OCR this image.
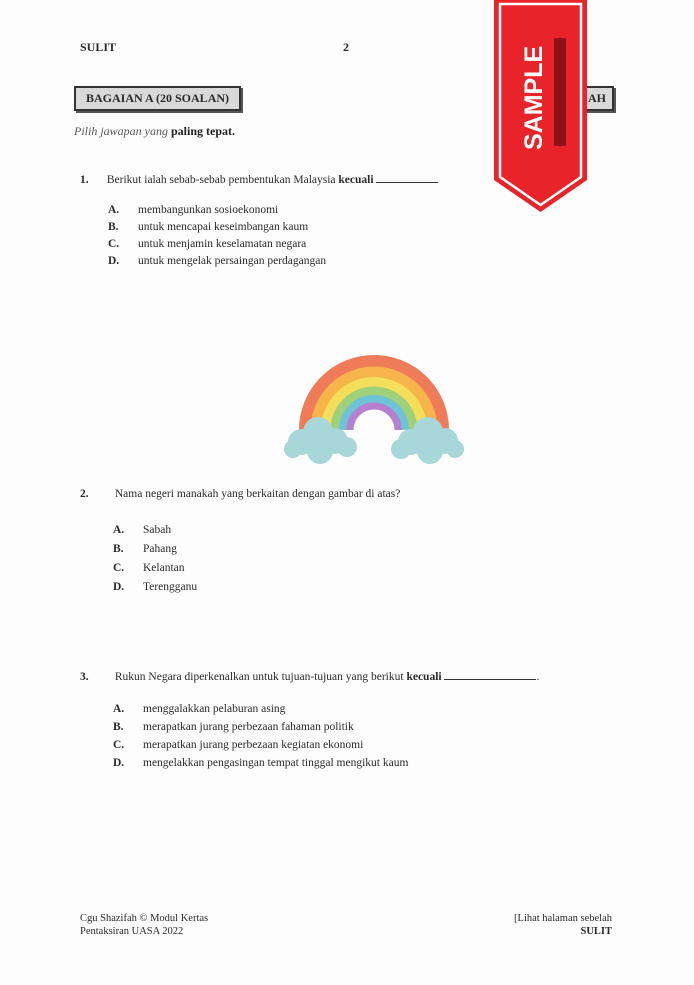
SULIT	2
BAGAIAN A (20 SOALAN)	AH
Pilih jawapan yang paling tepat.
1. Berikut ialah sebab-sebab pembentukan Malaysia kecuali
A. membangunkan sosioekonomi
B. untuk mencapai keseimbangan kaum
C. untuk menjamin keselamatan negara
D. untuk mengelak persaingan perdagangan
2. Nama negeri manakah yang berkaitan dengan gambar di atas?
A. Sabah
B. Pahang
C. Kelantan
D. Terengganu
3. Rukun Negara diperkenalkan untuk tujuan-tujuan yang berikut kecuali	.
A. menggalakkan pelaburan asing
B. merapatkan jurang perbezaan fahaman politik
C. merapatkan jurang perbezaan kegiatan ekonomi
D. mengelakkan pengasingan tempat tinggal mengikut kaum
Cgu Shazifah © Modul Kertas
Pentaksiran UASA 2022
[Lihat halaman sebelah
SULIT
SAMPLE
